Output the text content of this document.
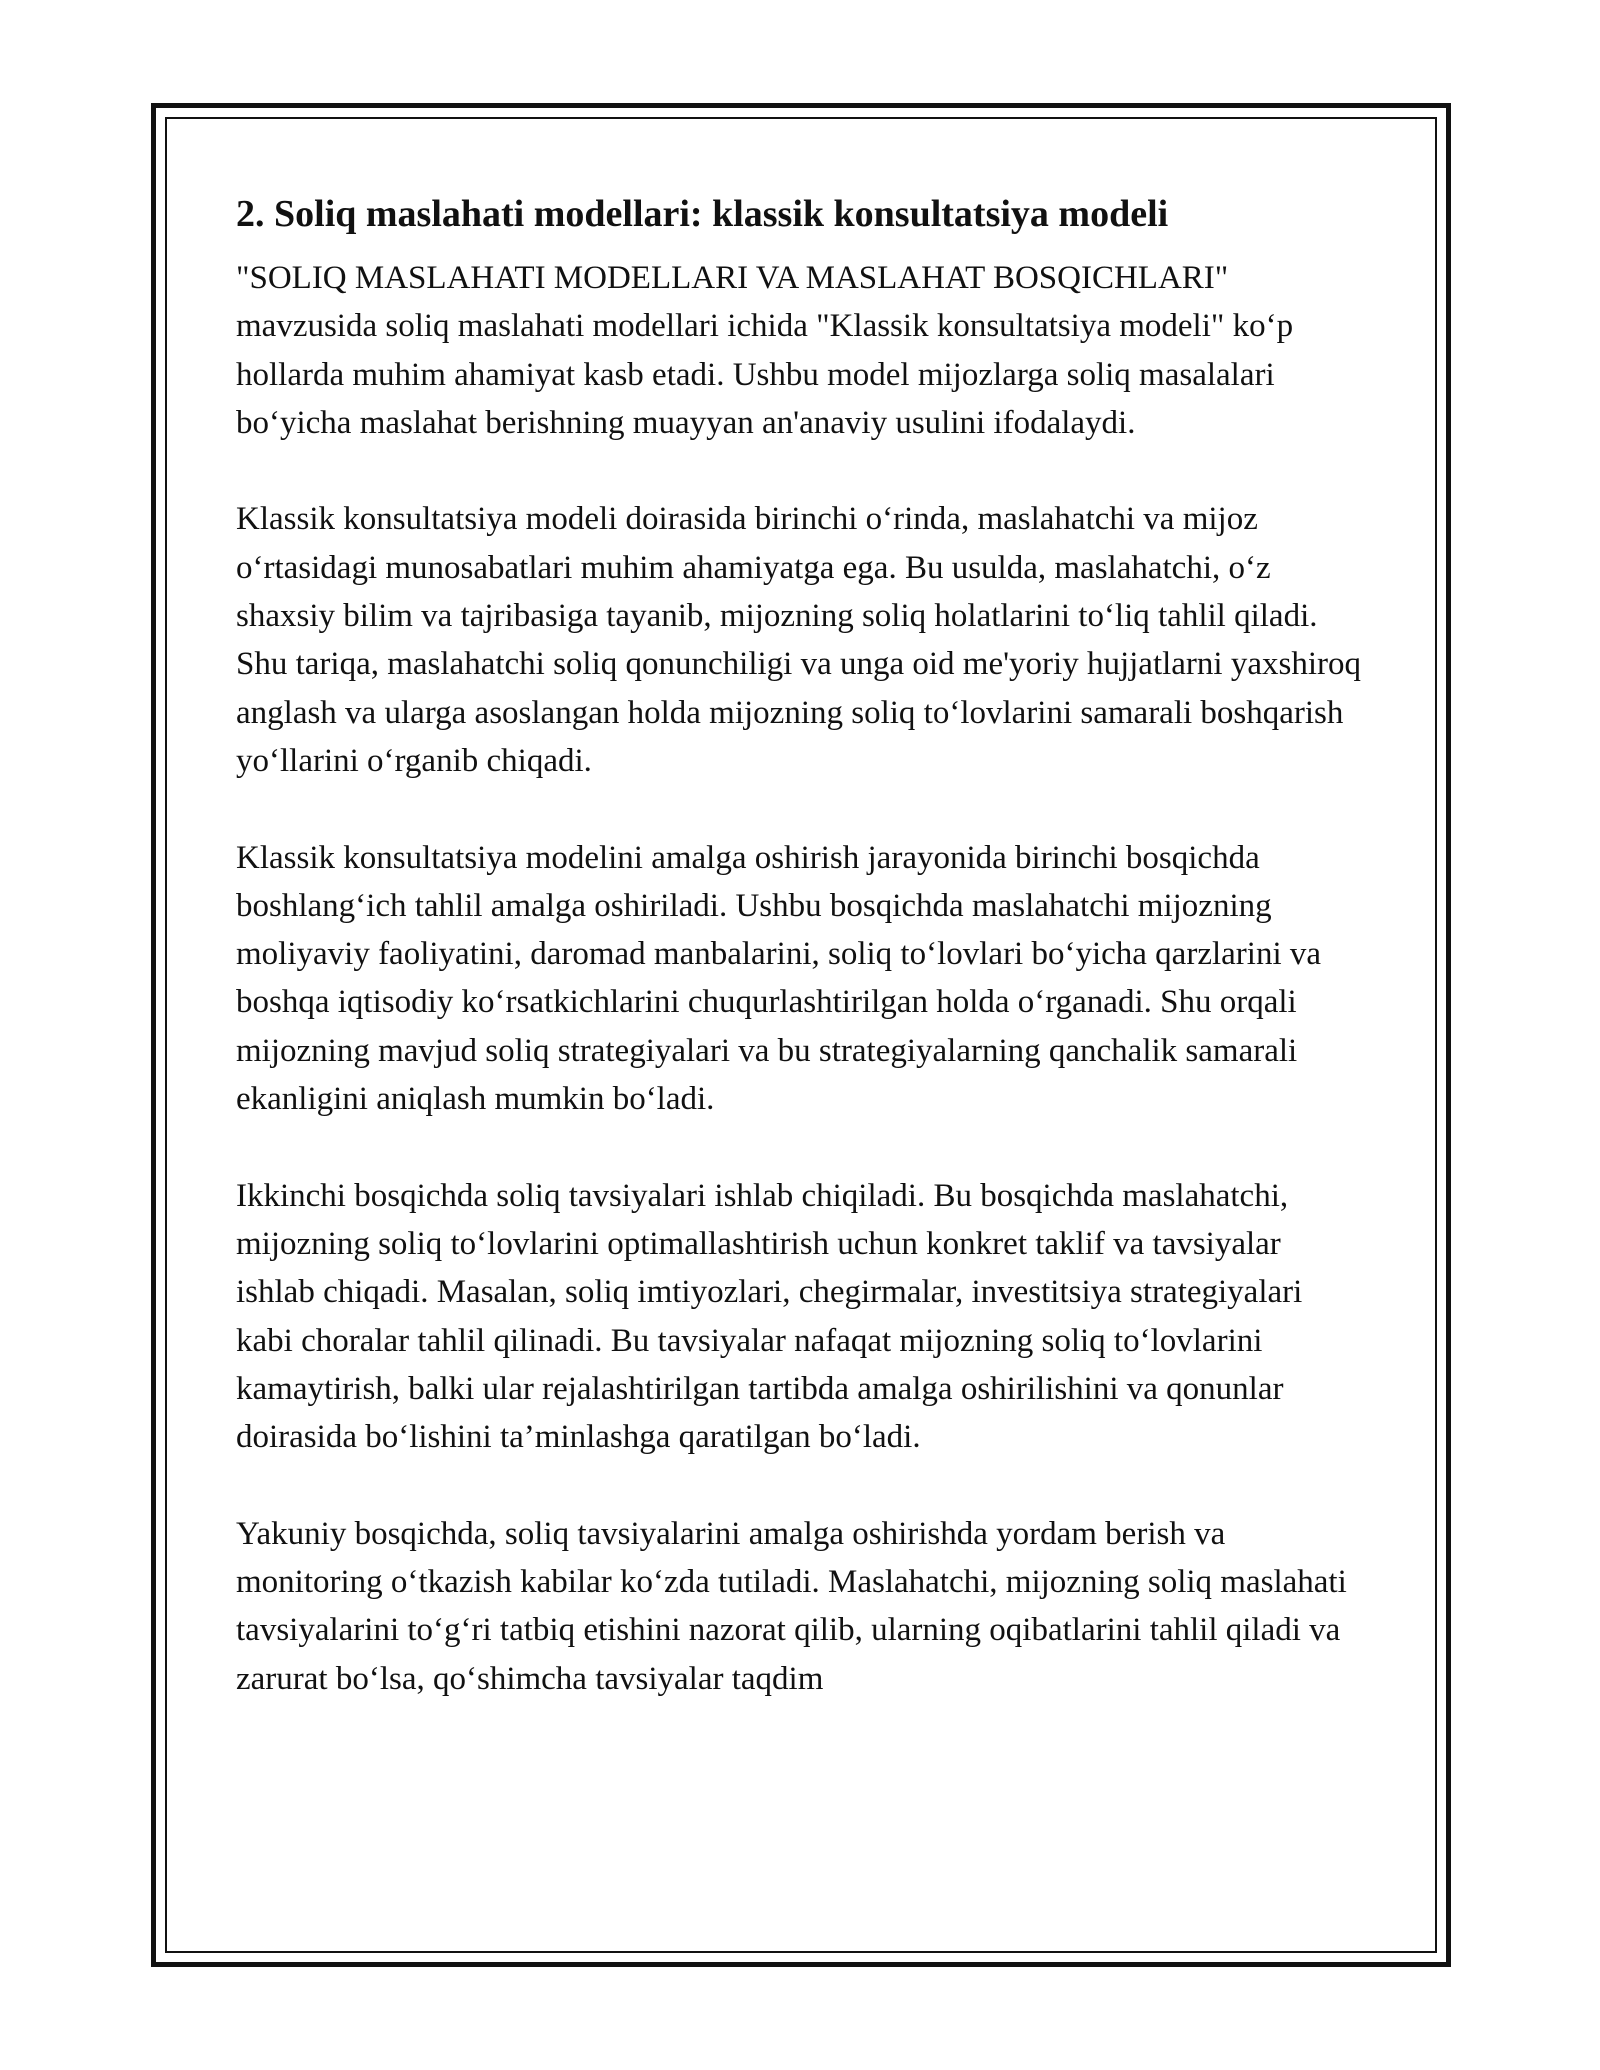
2. Soliq maslahati modellari: klassik konsultatsiya modeli

"SOLIQ MASLAHATI MODELLARI VA MASLAHAT BOSQICHLARI" mavzusida soliq maslahati modellari ichida "Klassik konsultatsiya modeli" ko‘p hollarda muhim ahamiyat kasb etadi. Ushbu model mijozlarga soliq masalalari bo‘yicha maslahat berishning muayyan an'anaviy usulini ifodalaydi.

Klassik konsultatsiya modeli doirasida birinchi o‘rinda, maslahatchi va mijoz o‘rtasidagi munosabatlari muhim ahamiyatga ega. Bu usulda, maslahatchi, o‘z shaxsiy bilim va tajribasiga tayanib, mijozning soliq holatlarini to‘liq tahlil qiladi. Shu tariqa, maslahatchi soliq qonunchiligi va unga oid me'yoriy hujjatlarni yaxshiroq anglash va ularga asoslangan holda mijozning soliq to‘lovlarini samarali boshqarish yo‘llarini o‘rganib chiqadi.

Klassik konsultatsiya modelini amalga oshirish jarayonida birinchi bosqichda boshlang‘ich tahlil amalga oshiriladi. Ushbu bosqichda maslahatchi mijozning moliyaviy faoliyatini, daromad manbalarini, soliq to‘lovlari bo‘yicha qarzlarini va boshqa iqtisodiy ko‘rsatkichlarini chuqurlashtirilgan holda o‘rganadi. Shu orqali mijozning mavjud soliq strategiyalari va bu strategiyalarning qanchalik samarali ekanligini aniqlash mumkin bo‘ladi.

Ikkinchi bosqichda soliq tavsiyalari ishlab chiqiladi. Bu bosqichda maslahatchi, mijozning soliq to‘lovlarini optimallashtirish uchun konkret taklif va tavsiyalar ishlab chiqadi. Masalan, soliq imtiyozlari, chegirmalar, investitsiya strategiyalari kabi choralar tahlil qilinadi. Bu tavsiyalar nafaqat mijozning soliq to‘lovlarini kamaytirish, balki ular rejalashtirilgan tartibda amalga oshirilishini va qonunlar doirasida bo‘lishini ta’minlashga qaratilgan bo‘ladi.

Yakuniy bosqichda, soliq tavsiyalarini amalga oshirishda yordam berish va monitoring o‘tkazish kabilar ko‘zda tutiladi. Maslahatchi, mijozning soliq maslahati tavsiyalarini to‘g‘ri tatbiq etishini nazorat qilib, ularning oqibatlarini tahlil qiladi va zarurat bo‘lsa, qo‘shimcha tavsiyalar taqdim
